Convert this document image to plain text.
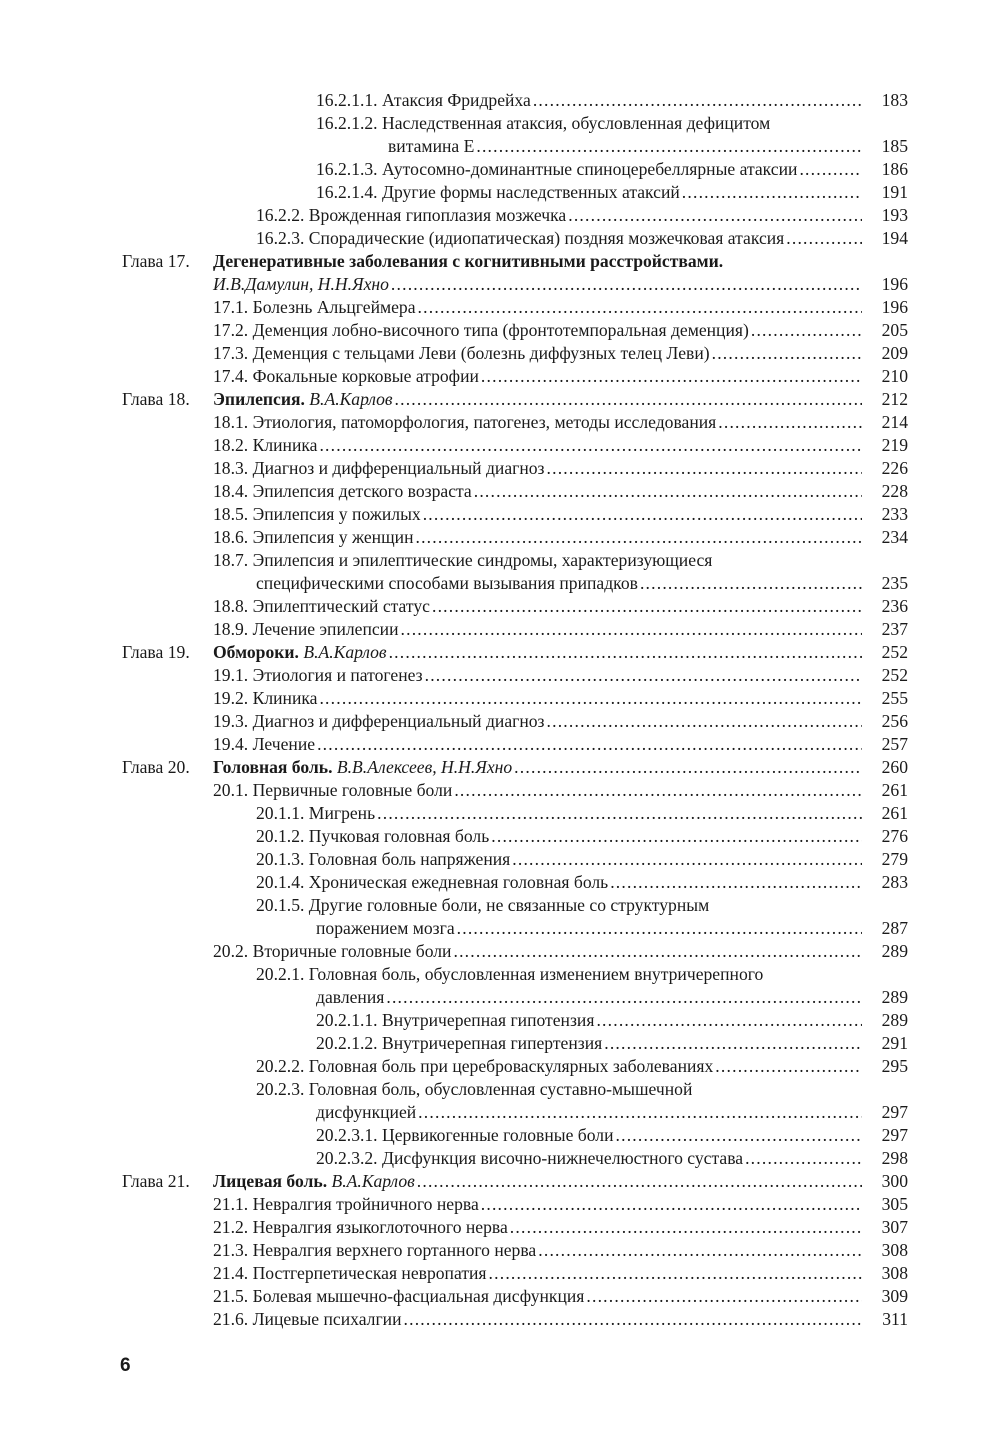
16.2.1.1. Атаксия Фридрейха .....	183
16.2.1.2. Наследственная атаксия, обусловленная дефицитом
витамина Е .....	185
16.2.1.3. Аутосомно-доминантные спиноцеребеллярные атаксии .....	186
16.2.1.4. Другие формы наследственных атаксий .....	191
16.2.2. Врожденная гипоплазия мозжечка .....	193
16.2.3. Спорадические (идиопатическая) поздняя мозжечковая атаксия .....	194
Глава 17. Дегенеративные заболевания с когнитивными расстройствами.
И.В.Дамулин, Н.Н.Яхно .....	196
17.1. Болезнь Альцгеймера .....	196
17.2. Деменция лобно-височного типа (фронтотемпоральная деменция) .....	205
17.3. Деменция с тельцами Леви (болезнь диффузных телец Леви) .....	209
17.4. Фокальные корковые атрофии .....	210
Глава 18. Эпилепсия. В.А.Карлов .....	212
18.1. Этиология, патоморфология, патогенез, методы исследования .....	214
18.2. Клиника .....	219
18.3. Диагноз и дифференциальный диагноз .....	226
18.4. Эпилепсия детского возраста .....	228
18.5. Эпилепсия у пожилых .....	233
18.6. Эпилепсия у женщин .....	234
18.7. Эпилепсия и эпилептические синдромы, характеризующиеся
специфическими способами вызывания припадков .....	235
18.8. Эпилептический статус .....	236
18.9. Лечение эпилепсии .....	237
Глава 19. Обмороки. В.А.Карлов .....	252
19.1. Этиология и патогенез .....	252
19.2. Клиника .....	255
19.3. Диагноз и дифференциальный диагноз .....	256
19.4. Лечение .....	257
Глава 20. Головная боль. В.В.Алексеев, Н.Н.Яхно .....	260
20.1. Первичные головные боли .....	261
20.1.1. Мигрень .....	261
20.1.2. Пучковая головная боль .....	276
20.1.3. Головная боль напряжения .....	279
20.1.4. Хроническая ежедневная головная боль .....	283
20.1.5. Другие головные боли, не связанные со структурным
поражением мозга .....	287
20.2. Вторичные головные боли .....	289
20.2.1. Головная боль, обусловленная изменением внутричерепного
давления .....	289
20.2.1.1. Внутричерепная гипотензия .....	289
20.2.1.2. Внутричерепная гипертензия .....	291
20.2.2. Головная боль при цереброваскулярных заболеваниях .....	295
20.2.3. Головная боль, обусловленная суставно-мышечной
дисфункцией .....	297
20.2.3.1. Цервикогенные головные боли .....	297
20.2.3.2. Дисфункция височно-нижнечелюстного сустава .....	298
Глава 21. Лицевая боль. В.А.Карлов .....	300
21.1. Невралгия тройничного нерва .....	305
21.2. Невралгия языкоглоточного нерва .....	307
21.3. Невралгия верхнего гортанного нерва .....	308
21.4. Постгерпетическая невропатия .....	308
21.5. Болевая мышечно-фасциальная дисфункция .....	309
21.6. Лицевые психалгии .....	311
6
